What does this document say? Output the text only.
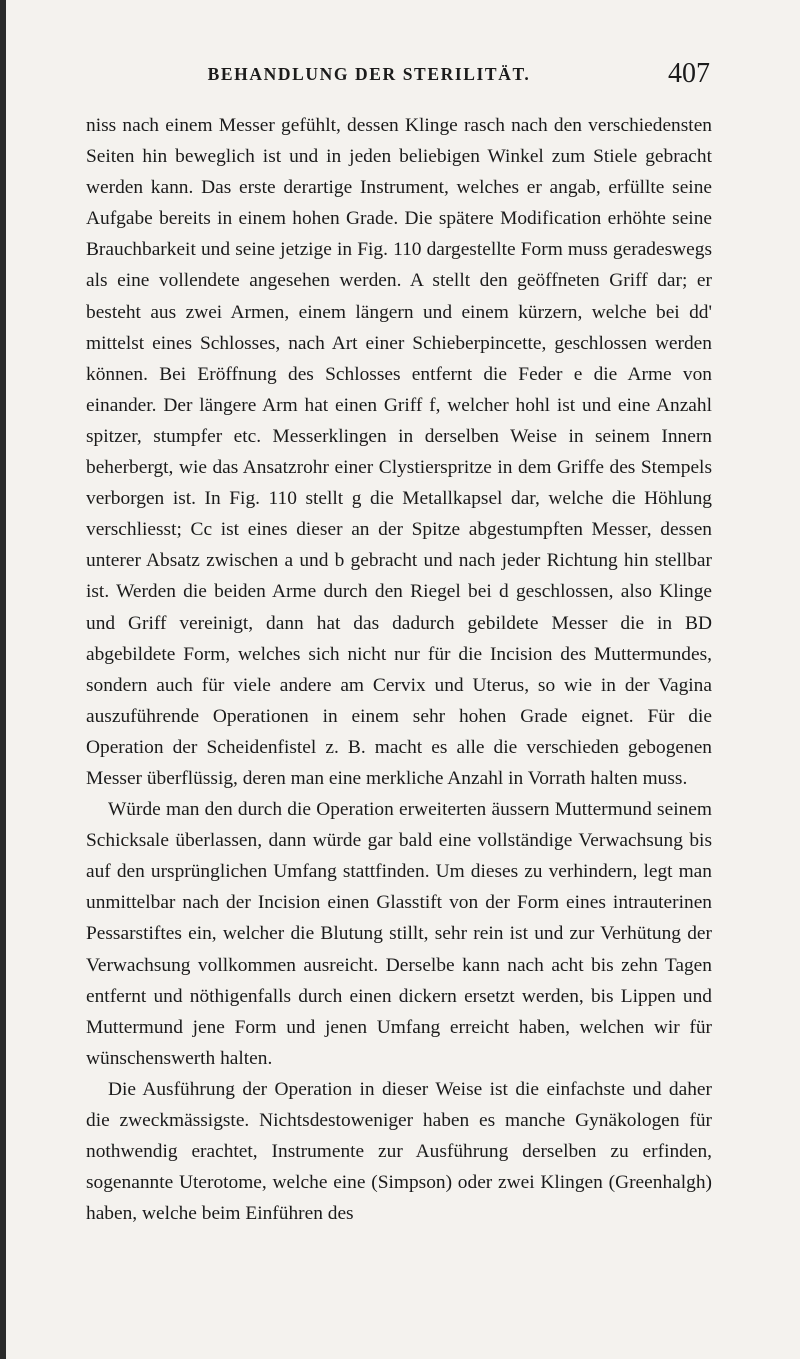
BEHANDLUNG DER STERILITÄT.	407

niss nach einem Messer gefühlt, dessen Klinge rasch nach den verschiedensten Seiten hin beweglich ist und in jeden beliebigen Winkel zum Stiele gebracht werden kann. Das erste derartige Instrument, welches er angab, erfüllte seine Aufgabe bereits in einem hohen Grade. Die spätere Modification erhöhte seine Brauchbarkeit und seine jetzige in Fig. 110 dargestellte Form muss geradeswegs als eine vollendete angesehen werden. A stellt den geöffneten Griff dar; er besteht aus zwei Armen, einem längern und einem kürzern, welche bei dd' mittelst eines Schlosses, nach Art einer Schieberpincette, geschlossen werden können. Bei Eröffnung des Schlosses entfernt die Feder e die Arme von einander. Der längere Arm hat einen Griff f, welcher hohl ist und eine Anzahl spitzer, stumpfer etc. Messerklingen in derselben Weise in seinem Innern beherbergt, wie das Ansatzrohr einer Clystierspritze in dem Griffe des Stempels verborgen ist. In Fig. 110 stellt g die Metallkapsel dar, welche die Höhlung verschliesst; Cc ist eines dieser an der Spitze abgestumpften Messer, dessen unterer Absatz zwischen a und b gebracht und nach jeder Richtung hin stellbar ist. Werden die beiden Arme durch den Riegel bei d geschlossen, also Klinge und Griff vereinigt, dann hat das dadurch gebildete Messer die in BD abgebildete Form, welches sich nicht nur für die Incision des Muttermundes, sondern auch für viele andere am Cervix und Uterus, so wie in der Vagina auszuführende Operationen in einem sehr hohen Grade eignet. Für die Operation der Scheidenfistel z. B. macht es alle die verschieden gebogenen Messer überflüssig, deren man eine merkliche Anzahl in Vorrath halten muss.

Würde man den durch die Operation erweiterten äussern Muttermund seinem Schicksale überlassen, dann würde gar bald eine vollständige Verwachsung bis auf den ursprünglichen Umfang stattfinden. Um dieses zu verhindern, legt man unmittelbar nach der Incision einen Glasstift von der Form eines intrauterinen Pessarstiftes ein, welcher die Blutung stillt, sehr rein ist und zur Verhütung der Verwachsung vollkommen ausreicht. Derselbe kann nach acht bis zehn Tagen entfernt und nöthigenfalls durch einen dickern ersetzt werden, bis Lippen und Muttermund jene Form und jenen Umfang erreicht haben, welchen wir für wünschenswerth halten.

Die Ausführung der Operation in dieser Weise ist die einfachste und daher die zweckmässigste. Nichtsdestoweniger haben es manche Gynäkologen für nothwendig erachtet, Instrumente zur Ausführung derselben zu erfinden, sogenannte Uterotome, welche eine (Simpson) oder zwei Klingen (Greenhalgh) haben, welche beim Einführen des
